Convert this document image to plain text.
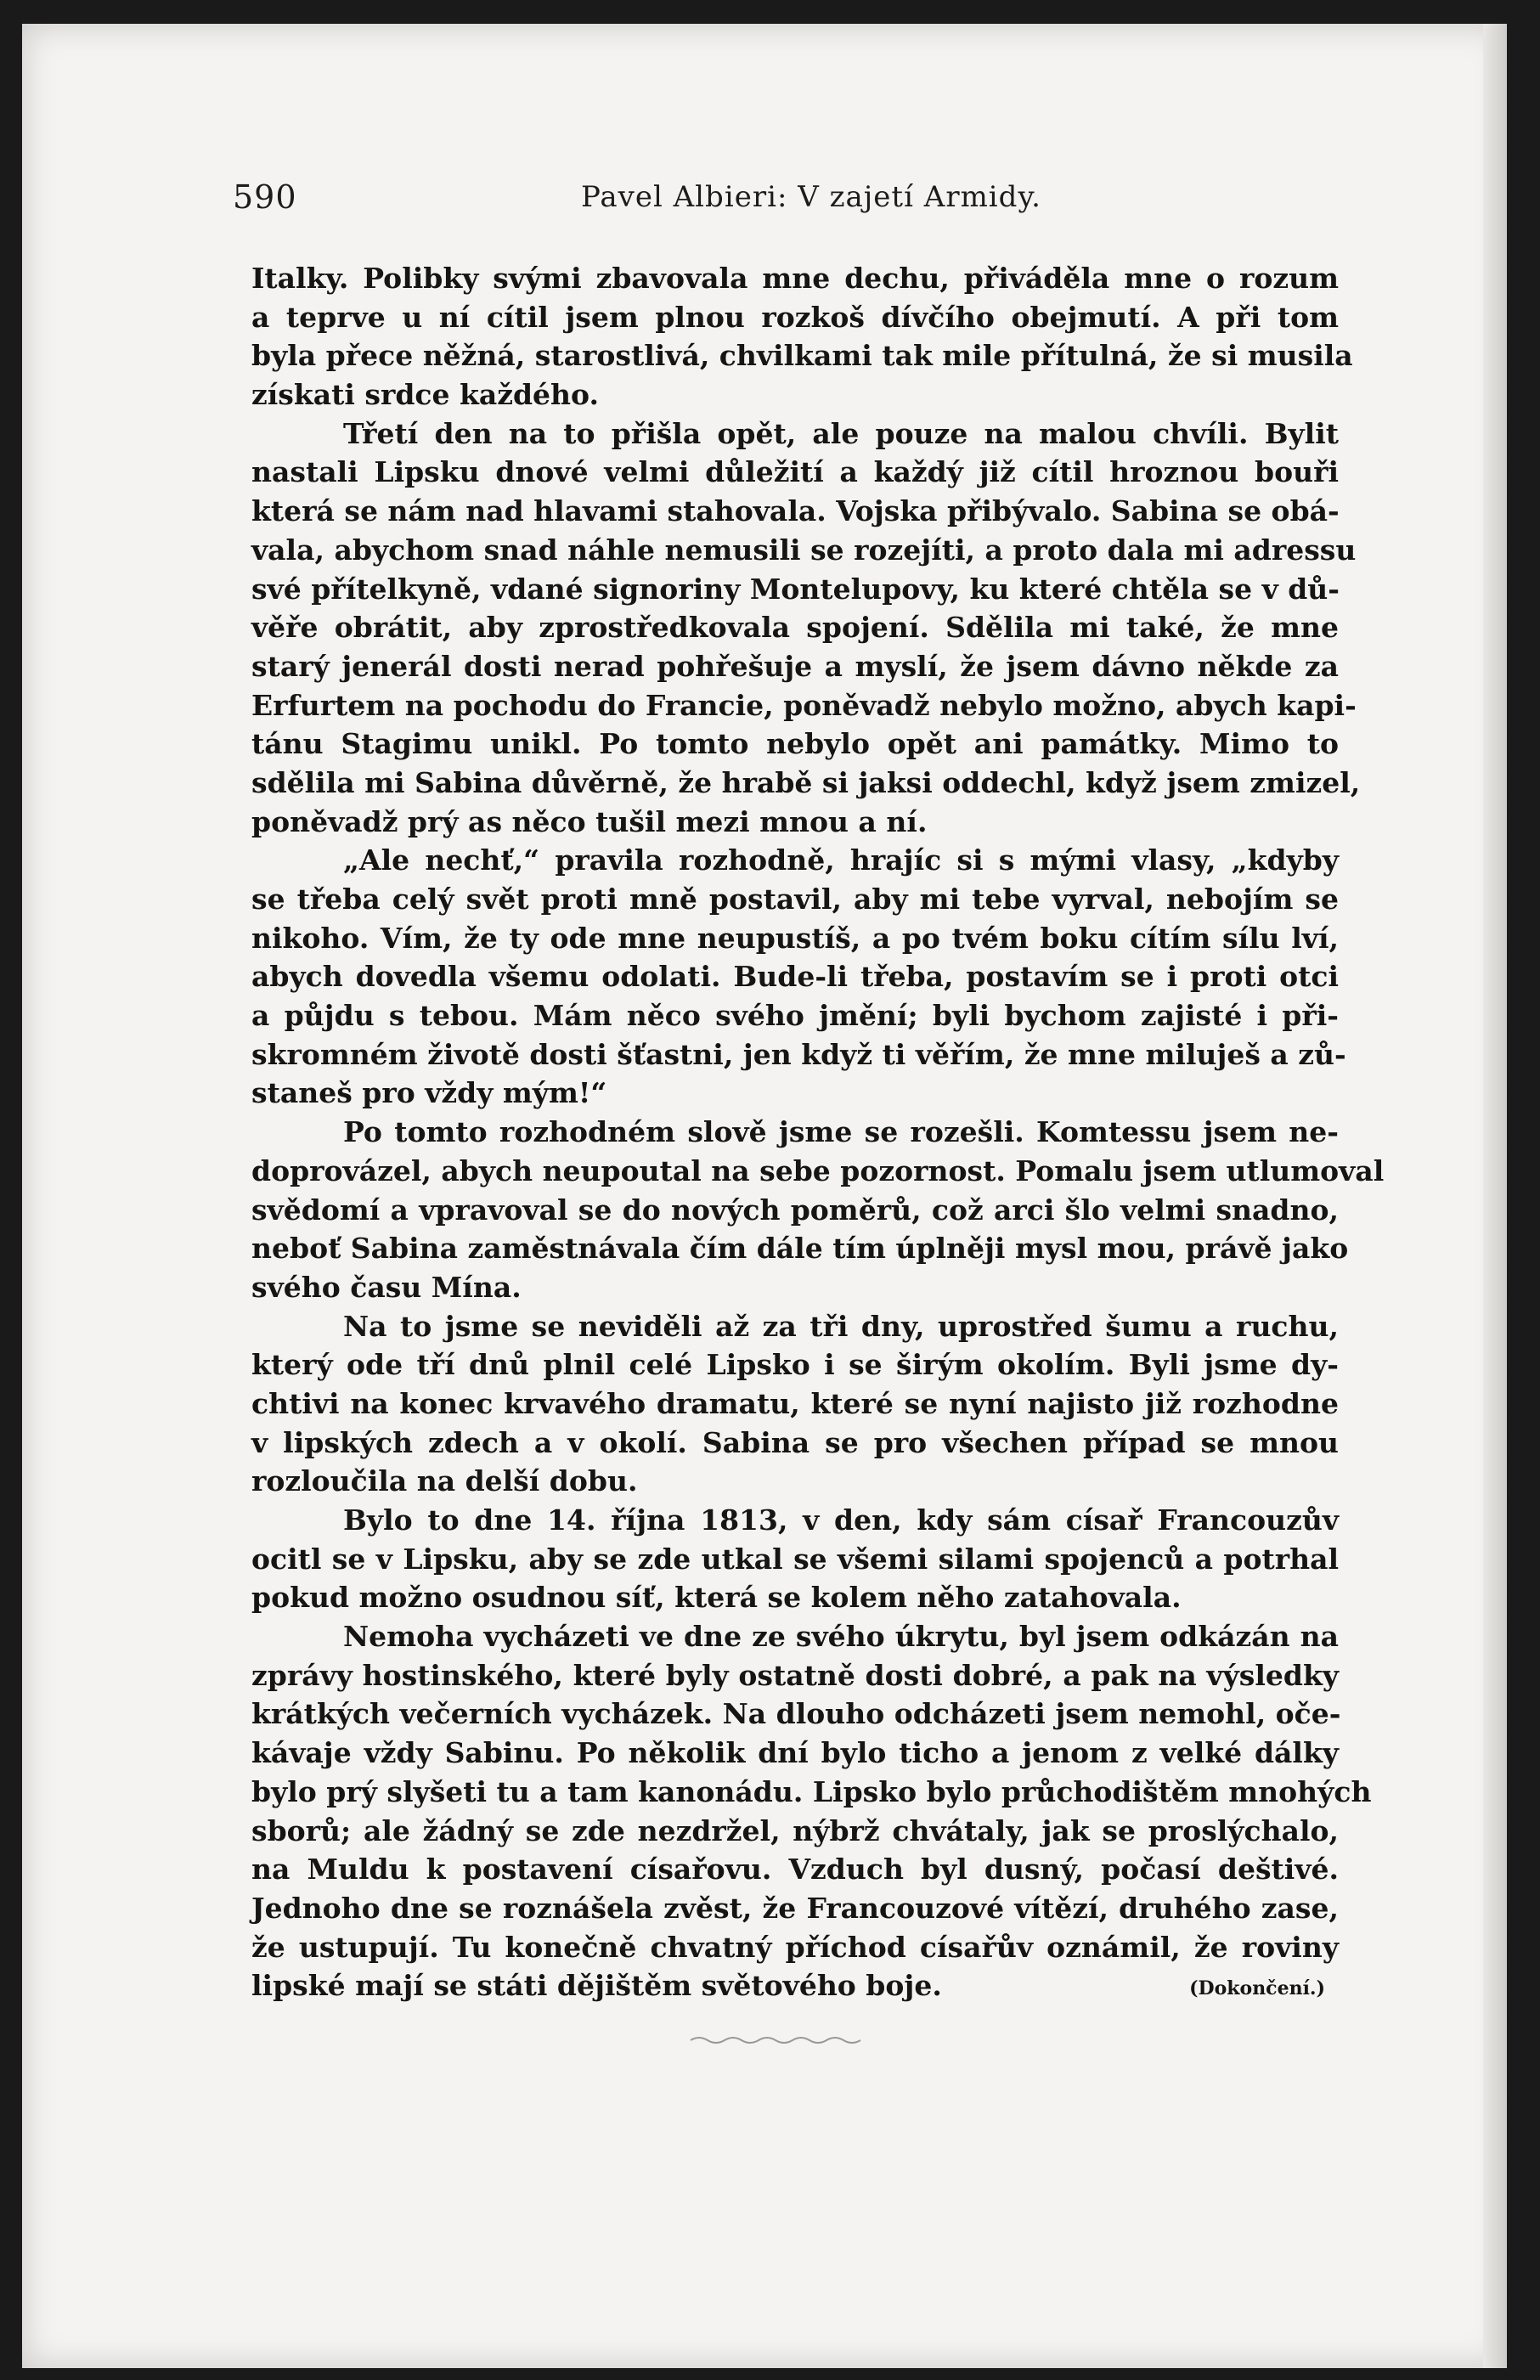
590	Pavel Albieri: V zajetí Armidy.
Italky. Polibky svými zbavovala mne dechu, přiváděla mne o rozum
a teprve u ní cítil jsem plnou rozkoš dívčího obejmutí. A při tom
byla přece něžná, starostlivá, chvilkami tak mile přítulná, že si musila
získati srdce každého.
Třetí den na to přišla opět, ale pouze na malou chvíli. Bylit
nastali Lipsku dnové velmi důležití a každý již cítil hroznou bouři
která se nám nad hlavami stahovala. Vojska přibývalo. Sabina se obá-
vala, abychom snad náhle nemusili se rozejíti, a proto dala mi adressu
své přítelkyně, vdané signoriny Montelupovy, ku které chtěla se v dů-
věře obrátit, aby zprostředkovala spojení. Sdělila mi také, že mne
starý jenerál dosti nerad pohřešuje a myslí, že jsem dávno někde za
Erfurtem na pochodu do Francie, poněvadž nebylo možno, abych kapi-
tánu Stagimu unikl. Po tomto nebylo opět ani památky. Mimo to
sdělila mi Sabina důvěrně, že hrabě si jaksi oddechl, když jsem zmizel,
poněvadž prý as něco tušil mezi mnou a ní.
„Ale nechť,“ pravila rozhodně, hrajíc si s mými vlasy, „kdyby
se třeba celý svět proti mně postavil, aby mi tebe vyrval, nebojím se
nikoho. Vím, že ty ode mne neupustíš, a po tvém boku cítím sílu lví,
abych dovedla všemu odolati. Bude-li třeba, postavím se i proti otci
a půjdu s tebou. Mám něco svého jmění; byli bychom zajisté i při-
skromném životě dosti šťastni, jen když ti věřím, že mne miluješ a zů-
staneš pro vždy mým!“
Po tomto rozhodném slově jsme se rozešli. Komtessu jsem ne-
doprovázel, abych neupoutal na sebe pozornost. Pomalu jsem utlumoval
svědomí a vpravoval se do nových poměrů, což arci šlo velmi snadno,
neboť Sabina zaměstnávala čím dále tím úplněji mysl mou, právě jako
svého času Mína.
Na to jsme se neviděli až za tři dny, uprostřed šumu a ruchu,
který ode tří dnů plnil celé Lipsko i se širým okolím. Byli jsme dy-
chtivi na konec krvavého dramatu, které se nyní najisto již rozhodne
v lipských zdech a v okolí. Sabina se pro všechen případ se mnou
rozloučila na delší dobu.
Bylo to dne 14. října 1813, v den, kdy sám císař Francouzův
ocitl se v Lipsku, aby se zde utkal se všemi silami spojenců a potrhal
pokud možno osudnou síť, která se kolem něho zatahovala.
Nemoha vycházeti ve dne ze svého úkrytu, byl jsem odkázán na
zprávy hostinského, které byly ostatně dosti dobré, a pak na výsledky
krátkých večerních vycházek. Na dlouho odcházeti jsem nemohl, oče-
kávaje vždy Sabinu. Po několik dní bylo ticho a jenom z velké dálky
bylo prý slyšeti tu a tam kanonádu. Lipsko bylo průchodištěm mnohých
sborů; ale žádný se zde nezdržel, nýbrž chvátaly, jak se proslýchalo,
na Muldu k postavení císařovu. Vzduch byl dusný, počasí deštivé.
Jednoho dne se roznášela zvěst, že Francouzové vítězí, druhého zase,
že ustupují. Tu konečně chvatný příchod císařův oznámil, že roviny
lipské mají se státi dějištěm světového boje.	(Dokončení.)
